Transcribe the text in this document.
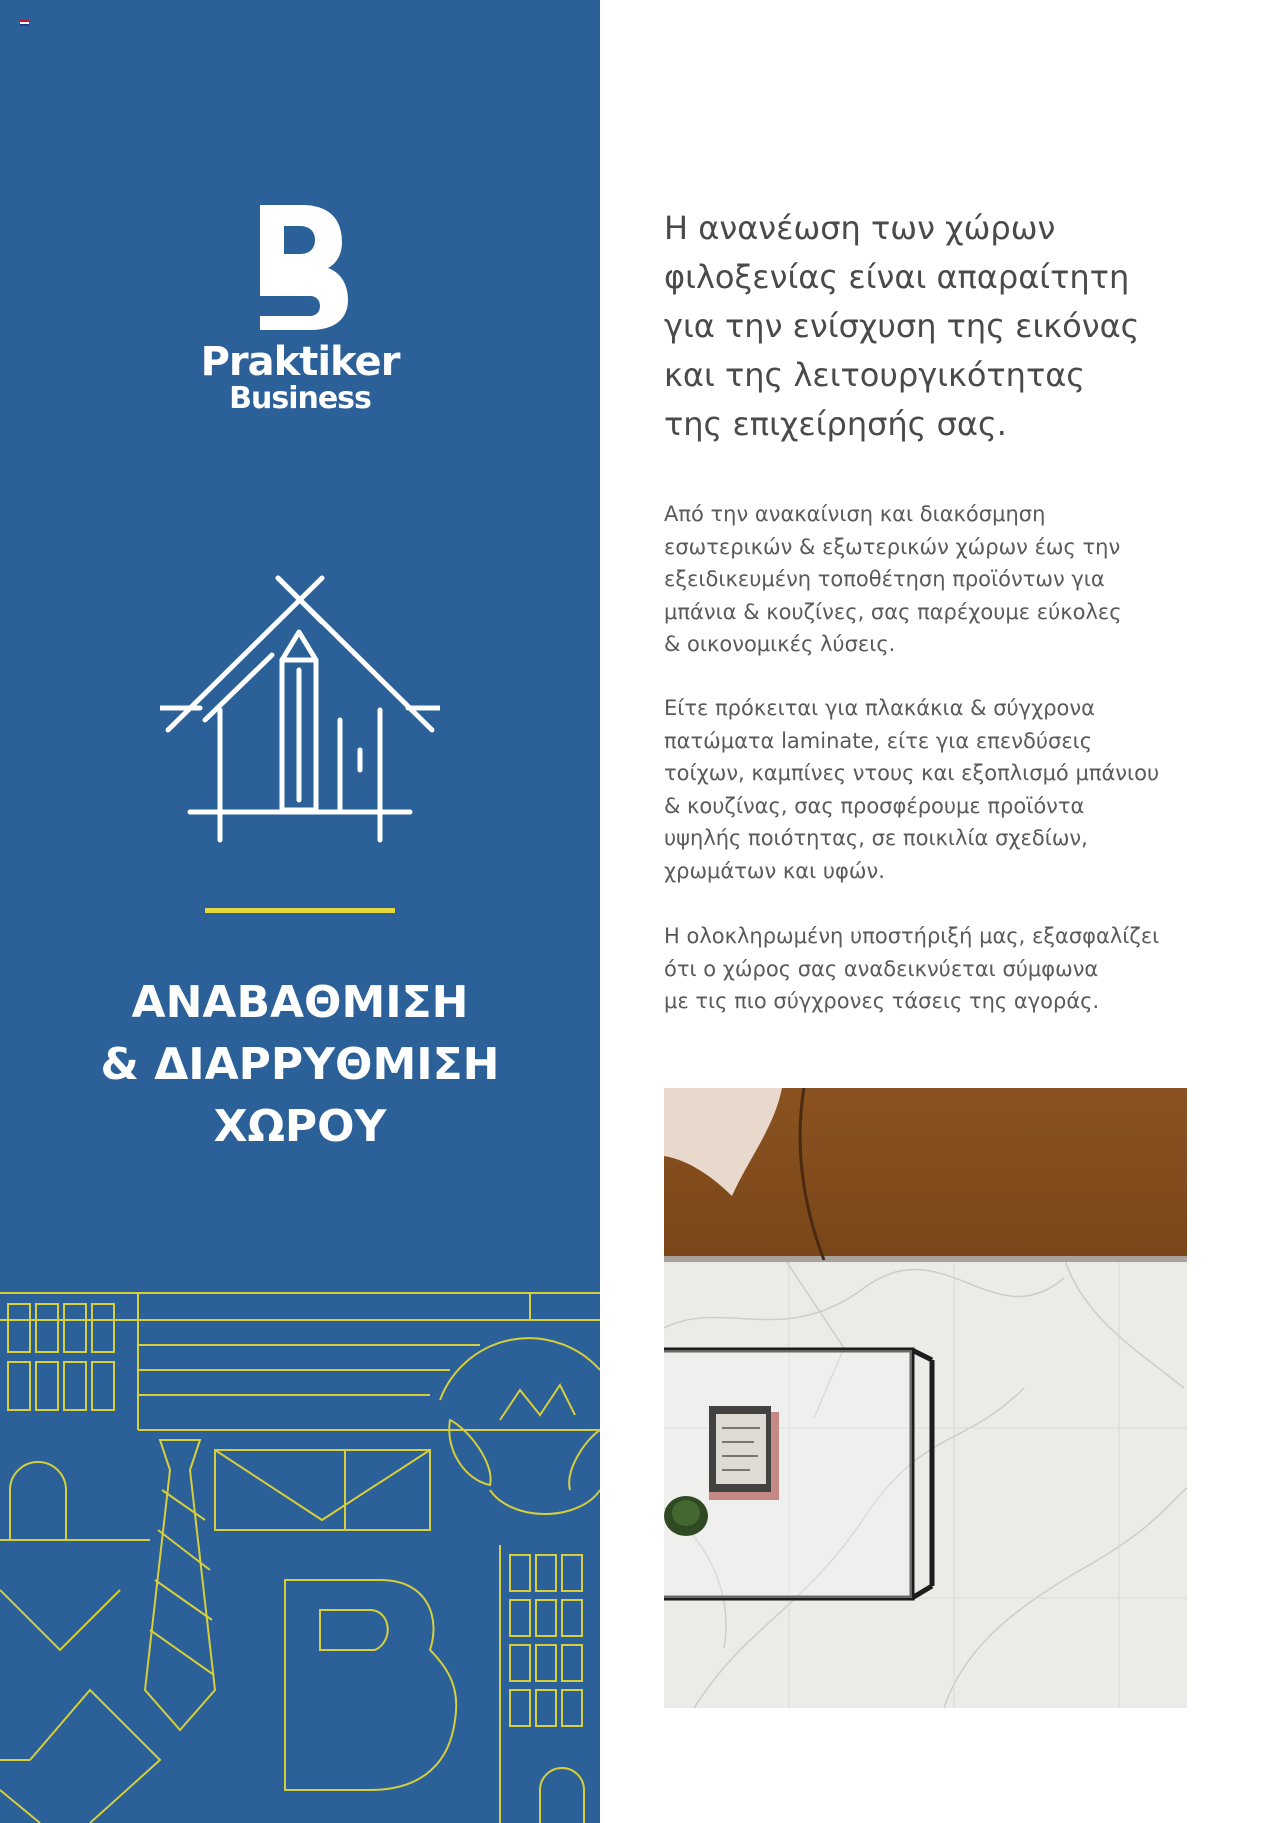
Praktiker
Business
ΑΝΑΒΑΘΜΙΣΗ
& ΔΙΑΡΡΥΘΜΙΣΗ
ΧΩΡΟΥ
Η ανανέωση των χώρων
φιλοξενίας είναι απαραίτητη
για την ενίσχυση της εικόνας
και της λειτουργικότητας
της επιχείρησής σας.

Από την ανακαίνιση και διακόσμηση
εσωτερικών & εξωτερικών χώρων έως την
εξειδικευμένη τοποθέτηση προϊόντων για
μπάνια & κουζίνες, σας παρέχουμε εύκολες
& οικονομικές λύσεις.

Είτε πρόκειται για πλακάκια & σύγχρονα
πατώματα laminate, είτε για επενδύσεις
τοίχων, καμπίνες ντους και εξοπλισμό μπάνιου
& κουζίνας, σας προσφέρουμε προϊόντα
υψηλής ποιότητας, σε ποικιλία σχεδίων,
χρωμάτων και υφών.

Η ολοκληρωμένη υποστήριξή μας, εξασφαλίζει
ότι ο χώρος σας αναδεικνύεται σύμφωνα
με τις πιο σύγχρονες τάσεις της αγοράς.
